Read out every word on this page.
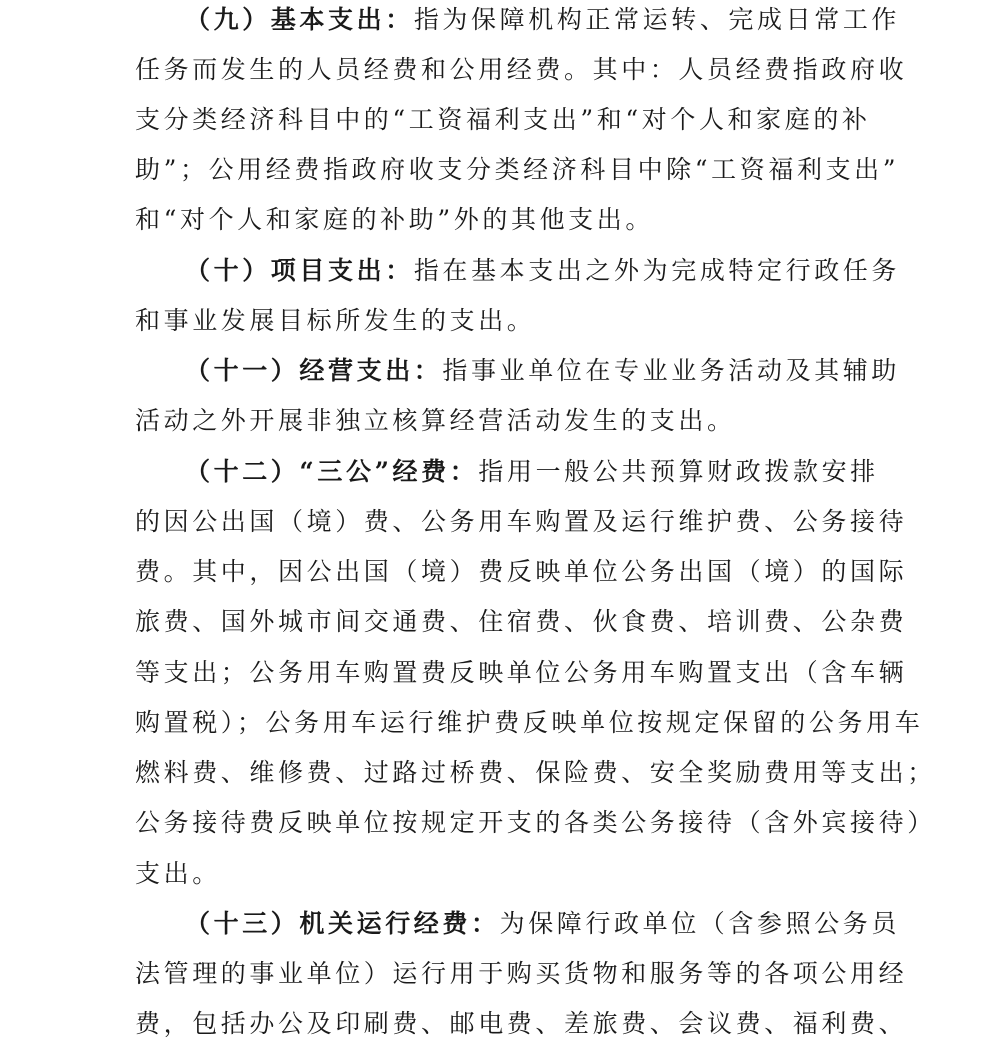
（九）基本支出：指为保障机构正常运转、完成日常工作
任务而发生的人员经费和公用经费。其中：人员经费指政府收
支分类经济科目中的“工资福利支出”和“对个人和家庭的补
助”；公用经费指政府收支分类经济科目中除“工资福利支出”
和“对个人和家庭的补助”外的其他支出。
（十）项目支出：指在基本支出之外为完成特定行政任务
和事业发展目标所发生的支出。
（十一）经营支出：指事业单位在专业业务活动及其辅助
活动之外开展非独立核算经营活动发生的支出。
（十二）“三公”经费：指用一般公共预算财政拨款安排
的因公出国（境）费、公务用车购置及运行维护费、公务接待
费。其中，因公出国（境）费反映单位公务出国（境）的国际
旅费、国外城市间交通费、住宿费、伙食费、培训费、公杂费
等支出；公务用车购置费反映单位公务用车购置支出（含车辆
购置税）；公务用车运行维护费反映单位按规定保留的公务用车
燃料费、维修费、过路过桥费、保险费、安全奖励费用等支出；
公务接待费反映单位按规定开支的各类公务接待（含外宾接待）
支出。
（十三）机关运行经费：为保障行政单位（含参照公务员
法管理的事业单位）运行用于购买货物和服务等的各项公用经
费，包括办公及印刷费、邮电费、差旅费、会议费、福利费、
